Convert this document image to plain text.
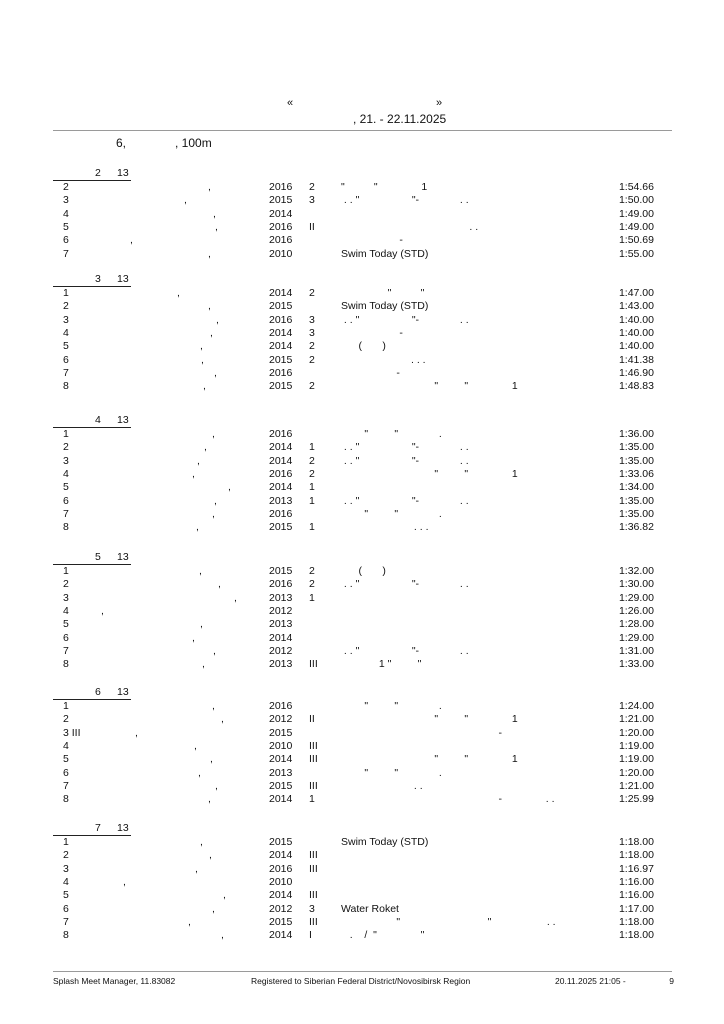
«	»
, 21. - 22.11.2025
6,	, 100m
2 13
2	,	2016 2 "          "               1	1:54.66
3	,	2015 3 . . "                  "-              . .	1:50.00
4	,	2014	1:49.00
5	,	2016 II . .	1:49.00
6	,	2016	-	1:50.69
7	,	2010	Swim Today (STD)	1:55.00
3 13
1	,	2014 2 "          "	1:47.00
2	,	2015	Swim Today (STD)	1:43.00
3	,	2016 3 . . "                  "-              . .	1:40.00
4	,	2014 3 -	1:40.00
5	,	2014 2 (       )	1:40.00
6	,	2015 2 . . .	1:41.38
7	,	2016	-	1:46.90
8	,	2015 2 "         "               1	1:48.83
4 13
1	,	2016	"         "              .	1:36.00
2	,	2014 1 . . "                  "-              . .	1:35.00
3	,	2014 2 . . "                  "-              . .	1:35.00
4	,	2016 2 "         "               1	1:33.06
5	,	2014 1	1:34.00
6	,	2013 1 . . "                  "-              . .	1:35.00
7	,	2016	"         "              .	1:35.00
8	,	2015 1 . . .	1:36.82
5 13
1	,	2015 2 (       )	1:32.00
2	,	2016 2 . . "                  "-              . .	1:30.00
3	,	2013 1	1:29.00
4	,	2012	1:26.00
5	,	2013	1:28.00
6	,	2014	1:29.00
7	,	2012	. . "                  "-              . .	1:31.00
8	,	2013 III 1 "         "	1:33.00
6 13
1	,	2016	"         "              .	1:24.00
2	,	2012 II "         "               1	1:21.00
3 III	,	2015	-	1:20.00
4	,	2010 III	1:19.00
5	,	2014 III "         "               1	1:19.00
6	,	2013	"         "              .	1:20.00
7	,	2015 III . .	1:21.00
8	,	2014 1 -               . .	1:25.99
7 13
1	,	2015	Swim Today (STD)	1:18.00
2	,	2014 III	1:18.00
3	,	2016 III	1:16.97
4	,	2010	1:16.00
5	,	2014 III	1:16.00
6	,	2012 3 Water Roket	1:17.00
7	,	2015 III "                              "                   . .	1:18.00
8	,	2014 I	.    /  "               "	1:18.00
Splash Meet Manager, 11.83082	Registered to Siberian Federal District/Novosibirsk Region	20.11.2025 21:05 -	9
